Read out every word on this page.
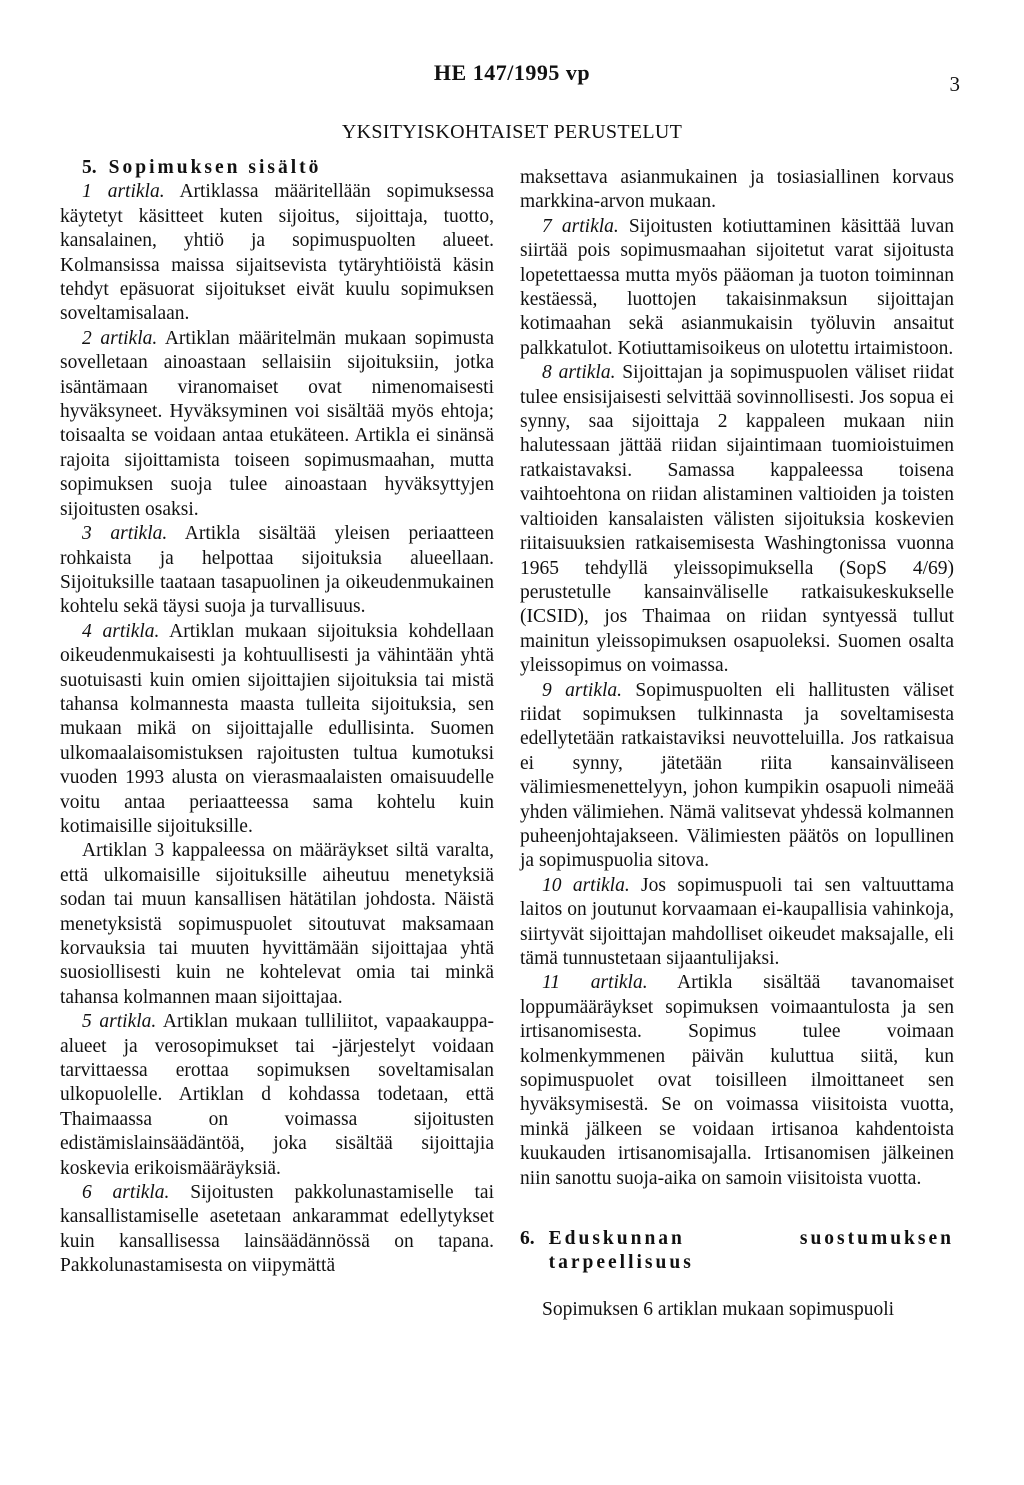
HE 147/1995 vp	3
YKSITYISKOHTAISET PERUSTELUT

5. Sopimuksen sisältö

1 artikla. Artiklassa määritellään sopimuksessa käytetyt käsitteet kuten sijoitus, sijoittaja, tuotto, kansalainen, yhtiö ja sopimuspuolten alueet. Kolmansissa maissa sijaitsevista tytäryhtiöistä käsin tehdyt epäsuorat sijoitukset eivät kuulu sopimuksen soveltamisalaan.

2 artikla. Artiklan määritelmän mukaan sopimusta sovelletaan ainoastaan sellaisiin sijoituksiin, jotka isäntämaan viranomaiset ovat nimenomaisesti hyväksyneet. Hyväksyminen voi sisältää myös ehtoja; toisaalta se voidaan antaa etukäteen. Artikla ei sinänsä rajoita sijoittamista toiseen sopimusmaahan, mutta sopimuksen suoja tulee ainoastaan hyväksyttyjen sijoitusten osaksi.

3 artikla. Artikla sisältää yleisen periaatteen rohkaista ja helpottaa sijoituksia alueellaan. Sijoituksille taataan tasapuolinen ja oikeudenmukainen kohtelu sekä täysi suoja ja turvallisuus.

4 artikla. Artiklan mukaan sijoituksia kohdellaan oikeudenmukaisesti ja kohtuullisesti ja vähintään yhtä suotuisasti kuin omien sijoittajien sijoituksia tai mistä tahansa kolmannesta maasta tulleita sijoituksia, sen mukaan mikä on sijoittajalle edullisinta. Suomen ulkomaalaisomistuksen rajoitusten tultua kumotuksi vuoden 1993 alusta on vierasmaalaisten omaisuudelle voitu antaa periaatteessa sama kohtelu kuin kotimaisille sijoituksille.

Artiklan 3 kappaleessa on määräykset siltä varalta, että ulkomaisille sijoituksille aiheutuu menetyksiä sodan tai muun kansallisen hätätilan johdosta. Näistä menetyksistä sopimuspuolet sitoutuvat maksamaan korvauksia tai muuten hyvittämään sijoittajaa yhtä suosiollisesti kuin ne kohtelevat omia tai minkä tahansa kolmannen maan sijoittajaa.

5 artikla. Artiklan mukaan tulliliitot, vapaakauppa-alueet ja verosopimukset tai -järjestelyt voidaan tarvittaessa erottaa sopimuksen soveltamisalan ulkopuolelle. Artiklan d kohdassa todetaan, että Thaimaassa on voimassa sijoitusten edistämislainsäädäntöä, joka sisältää sijoittajia koskevia erikoismääräyksiä.

6 artikla. Sijoitusten pakkolunastamiselle tai kansallistamiselle asetetaan ankarammat edellytykset kuin kansallisessa lainsäädännössä on tapana. Pakkolunastamisesta on viipymättä

maksettava asianmukainen ja tosiasiallinen korvaus markkina-arvon mukaan.

7 artikla. Sijoitusten kotiuttaminen käsittää luvan siirtää pois sopimusmaahan sijoitetut varat sijoitusta lopetettaessa mutta myös pääoman ja tuoton toiminnan kestäessä, luottojen takaisinmaksun sijoittajan kotimaahan sekä asianmukaisin työluvin ansaitut palkkatulot. Kotiuttamisoikeus on ulotettu irtaimistoon.

8 artikla. Sijoittajan ja sopimuspuolen väliset riidat tulee ensisijaisesti selvittää sovinnollisesti. Jos sopua ei synny, saa sijoittaja 2 kappaleen mukaan niin halutessaan jättää riidan sijaintimaan tuomioistuimen ratkaistavaksi. Samassa kappaleessa toisena vaihtoehtona on riidan alistaminen valtioiden ja toisten valtioiden kansalaisten välisten sijoituksia koskevien riitaisuuksien ratkaisemisesta Washingtonissa vuonna 1965 tehdyllä yleissopimuksella (SopS 4/69) perustetulle kansainväliselle ratkaisukeskukselle (ICSID), jos Thaimaa on riidan syntyessä tullut mainitun yleissopimuksen osapuoleksi. Suomen osalta yleissopimus on voimassa.

9 artikla. Sopimuspuolten eli hallitusten väliset riidat sopimuksen tulkinnasta ja soveltamisesta edellytetään ratkaistaviksi neuvotteluilla. Jos ratkaisua ei synny, jätetään riita kansainväliseen välimiesmenettelyyn, johon kumpikin osapuoli nimeää yhden välimiehen. Nämä valitsevat yhdessä kolmannen puheenjohtajakseen. Välimiesten päätös on lopullinen ja sopimuspuolia sitova.

10 artikla. Jos sopimuspuoli tai sen valtuuttama laitos on joutunut korvaamaan ei-kaupallisia vahinkoja, siirtyvät sijoittajan mahdolliset oikeudet maksajalle, eli tämä tunnustetaan sijaantulijaksi.

11 artikla. Artikla sisältää tavanomaiset loppumääräykset sopimuksen voimaantulosta ja sen irtisanomisesta. Sopimus tulee voimaan kolmenkymmenen päivän kuluttua siitä, kun sopimuspuolet ovat toisilleen ilmoittaneet sen hyväksymisestä. Se on voimassa viisitoista vuotta, minkä jälkeen se voidaan irtisanoa kahdentoista kuukauden irtisanomisajalla. Irtisanomisen jälkeinen niin sanottu suoja-aika on samoin viisitoista vuotta.

6. Eduskunnan suostumuksen tarpeellisuus

Sopimuksen 6 artiklan mukaan sopimuspuoli
